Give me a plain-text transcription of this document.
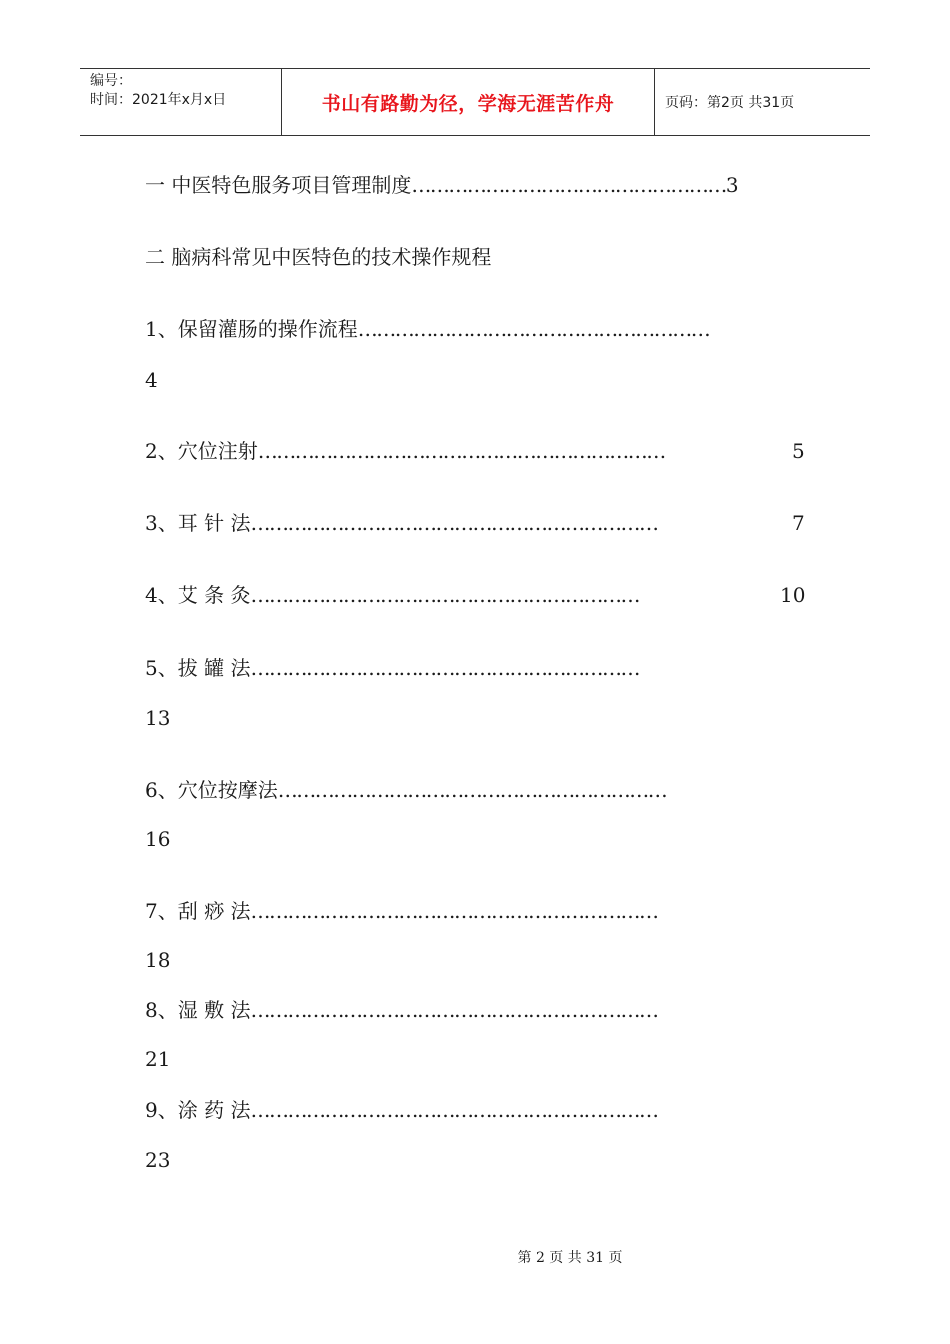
编号：
时间：2021年x月x日	书山有路勤为径，学海无涯苦作舟	页码：第2页 共31页
一 中医特色服务项目管理制度……………………………………………3
二 脑病科常见中医特色的技术操作规程
1、保留灌肠的操作流程…………………………………………………
4
2、穴位注射…………………………………………………………	5
3、耳 针 法…………………………………………………………	7
4、艾 条 灸………………………………………………………	10
5、拔 罐 法………………………………………………………
13
6、穴位按摩法………………………………………………………
16
7、刮 痧 法…………………………………………………………
18
8、湿 敷 法…………………………………………………………
21
9、涂 药 法…………………………………………………………
23
第 2 页 共 31 页
